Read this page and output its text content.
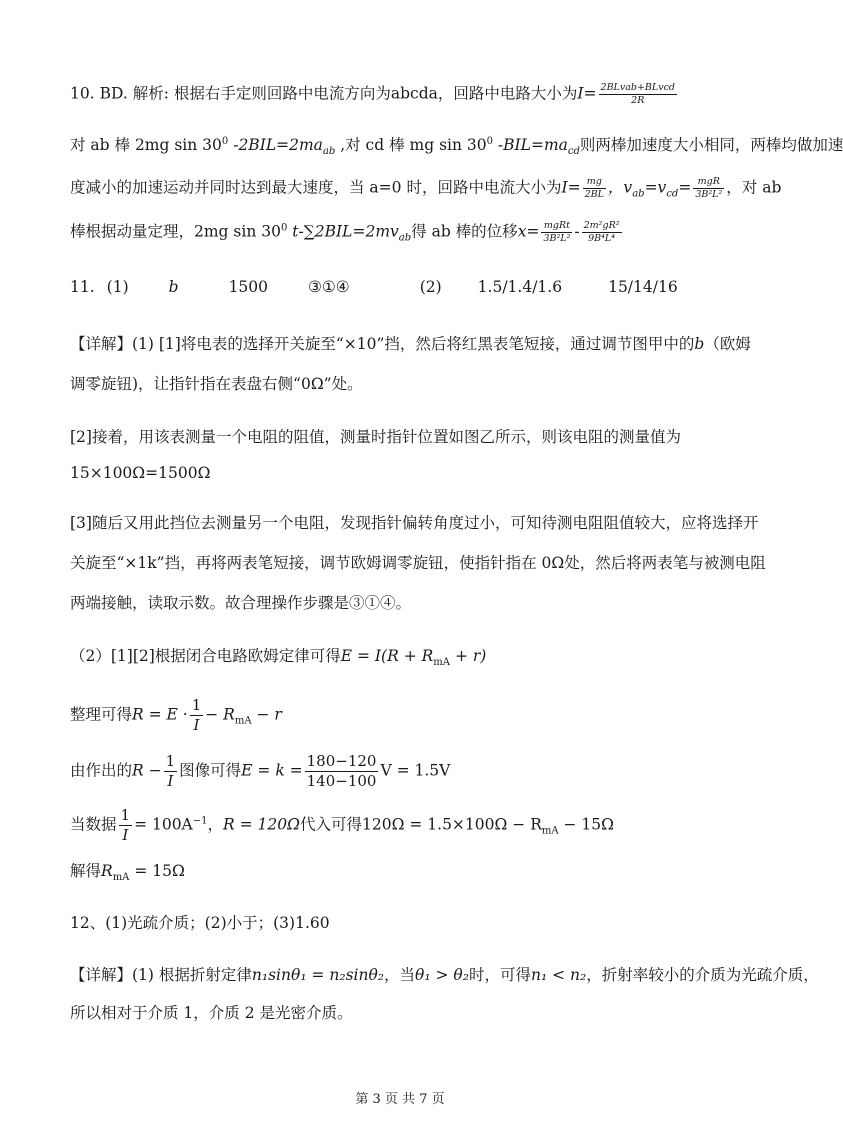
10. BD. 解析: 根据右手定则回路中电流方向为abcda，回路中电路大小为$I= \frac{\text{2BLvab+BLvcd}}{2R}$
对 ab 棒 2mg $\sin 30^0$ $-2BIL=2ma_{ab}$ ,对 cd 棒 mg $\sin 30^0$ $-BIL=ma_{cd}$则两棒加速度大小相同，两棒均做加速
度减小的加速运动并同时达到最大速度，当 a=0 时，回路中电流大小为$I= \frac{mg}{2BL}$ ，$v_{ab}=v_{cd}= \frac{\text{mgR}}{\text{3B²L²}}$ ，对 ab
棒根据动量定理，2mg $\sin 30^0$ $t-\sum 2BIL=2mv_{ab}$得 ab 棒的位移$x= \frac{\text{mgRt}}{\text{3B²L²}} - \frac{\text{2m²gR²}}{\text{9B⁴L⁴}}$
11. (1)	b	1500	③①④	(2) 1.5/1.4/1.6	15/14/16
【详解】(1) [1]将电表的选择开关旋至“×10”挡，然后将红黑表笔短接，通过调节图甲中的b（欧姆
调零旋钮)，让指针指在表盘右侧“0Ω”处。
[2]接着，用该表测量一个电阻的阻值，测量时指针位置如图乙所示，则该电阻的测量值为
15×100Ω=1500Ω
[3]随后又用此挡位去测量另一个电阻，发现指针偏转角度过小，可知待测电阻阻值较大，应将选择开
关旋至“×1k”挡，再将两表笔短接，调节欧姆调零旋钮，使指针指在 0Ω处，然后将两表笔与被测电阻
两端接触，读取示数。故合理操作步骤是③①④。
（2）[1][2]根据闭合电路欧姆定律可得$E = I(R + R_{mA} + r)$
整理可得$R = E \cdot \frac{1}{I} - R_{mA} - r$
由作出的$R - \frac{1}{I}$ 图像可得$E = k = \frac{180-120}{140-100}$ V = 1.5V
当数据 $\frac{1}{I} = 100A^{-1}$，R = 120Ω代入可得$120\Omega = 1.5\times 100\Omega - R_{mA} - 15\Omega$
解得$R_{mA} = 15\Omega$
12、(1)光疏介质；(2)小于；(3)1.60
【详解】(1) 根据折射定律n₁sinθ₁ = n₂sinθ₂，当θ₁ > θ₂时，可得n₁ < n₂，折射率较小的介质为光疏介质，
所以相对于介质 1，介质 2 是光密介质。
第 3 页 共 7 页
